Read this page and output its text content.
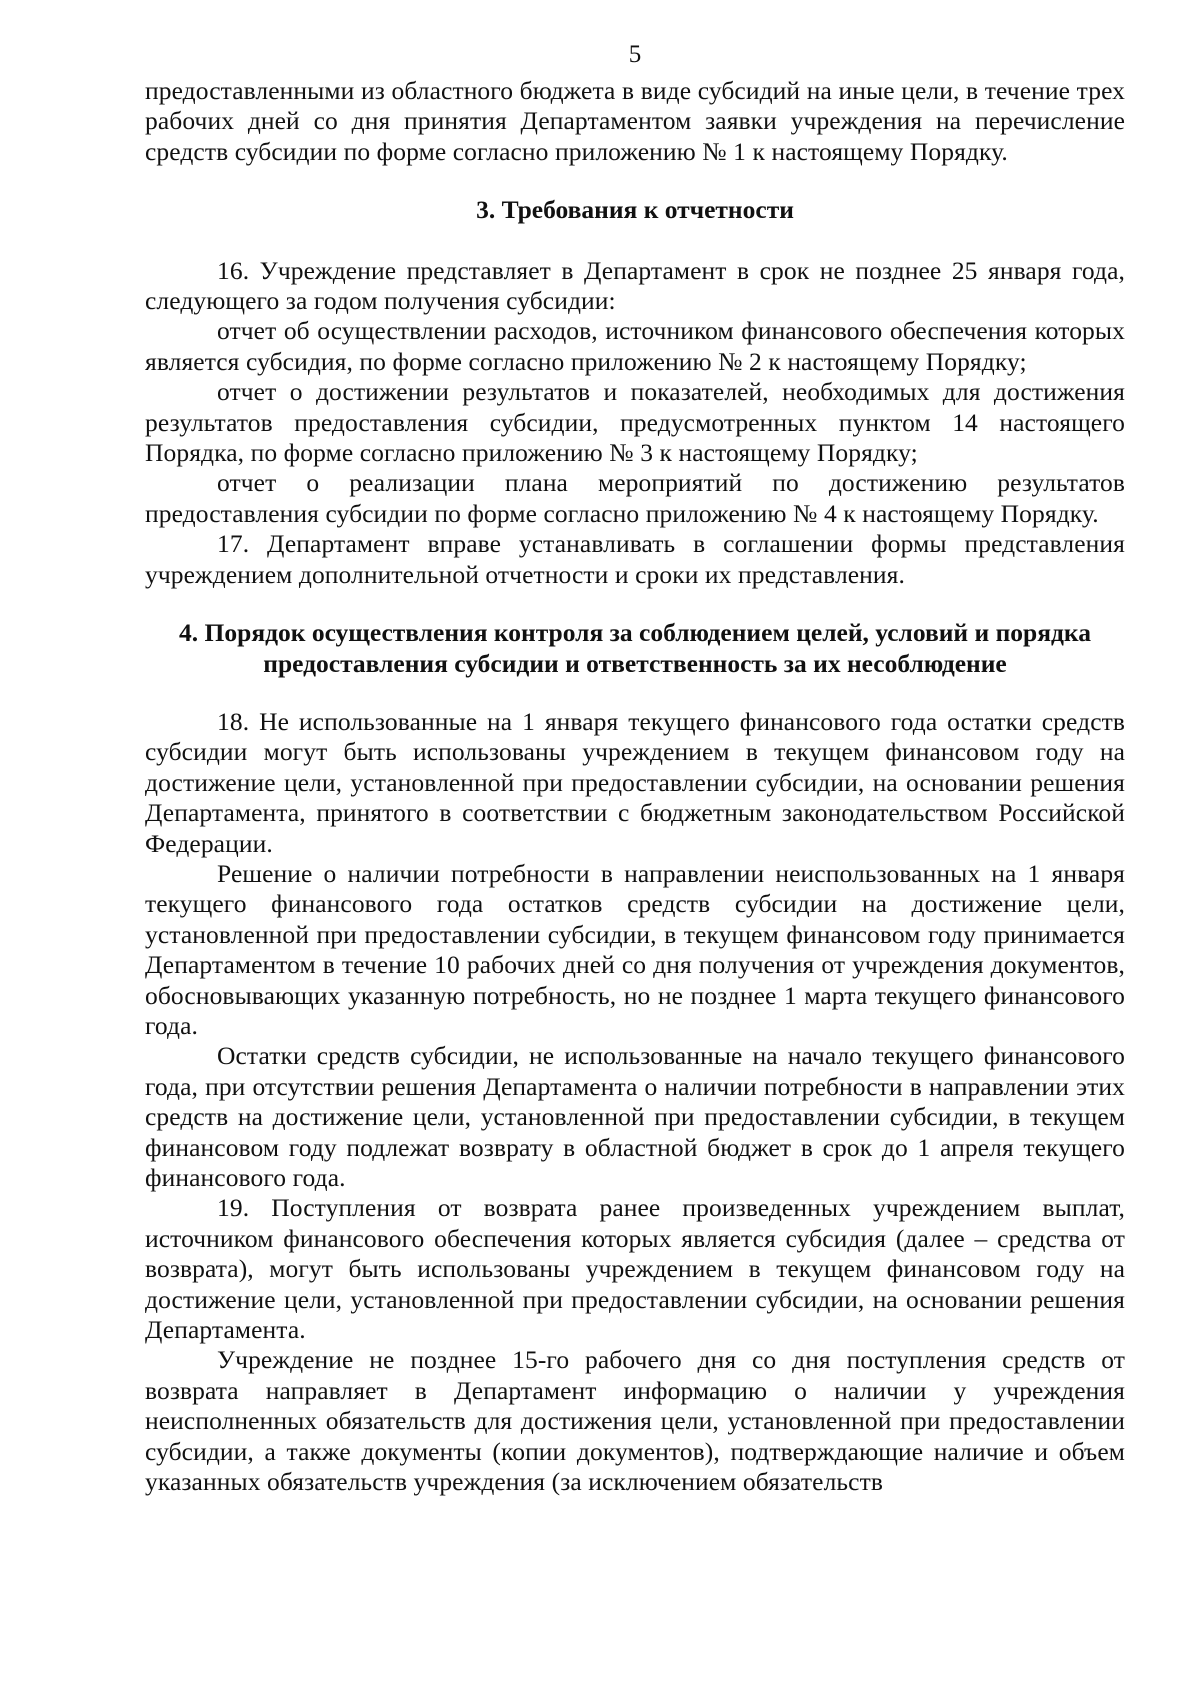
5

предоставленными из областного бюджета в виде субсидий на иные цели, в течение трех рабочих дней со дня принятия Департаментом заявки учреждения на перечисление средств субсидии по форме согласно приложению № 1 к настоящему Порядку.

3. Требования к отчетности

16. Учреждение представляет в Департамент в срок не позднее 25 января года, следующего за годом получения субсидии:

отчет об осуществлении расходов, источником финансового обеспечения которых является субсидия, по форме согласно приложению № 2 к настоящему Порядку;

отчет о достижении результатов и показателей, необходимых для достижения результатов предоставления субсидии, предусмотренных пунктом 14 настоящего Порядка, по форме согласно приложению № 3 к настоящему Порядку;

отчет о реализации плана мероприятий по достижению результатов предоставления субсидии по форме согласно приложению № 4 к настоящему Порядку.

17. Департамент вправе устанавливать в соглашении формы представления учреждением дополнительной отчетности и сроки их представления.

4. Порядок осуществления контроля за соблюдением целей, условий и порядка
предоставления субсидии и ответственность за их несоблюдение

18. Не использованные на 1 января текущего финансового года остатки средств субсидии могут быть использованы учреждением в текущем финансовом году на достижение цели, установленной при предоставлении субсидии, на основании решения Департамента, принятого в соответствии с бюджетным законодательством Российской Федерации.

Решение о наличии потребности в направлении неиспользованных на 1 января текущего финансового года остатков средств субсидии на достижение цели, установленной при предоставлении субсидии, в текущем финансовом году принимается Департаментом в течение 10 рабочих дней со дня получения от учреждения документов, обосновывающих указанную потребность, но не позднее 1 марта текущего финансового года.

Остатки средств субсидии, не использованные на начало текущего финансового года, при отсутствии решения Департамента о наличии потребности в направлении этих средств на достижение цели, установленной при предоставлении субсидии, в текущем финансовом году подлежат возврату в областной бюджет в срок до 1 апреля текущего финансового года.

19. Поступления от возврата ранее произведенных учреждением выплат, источником финансового обеспечения которых является субсидия (далее – средства от возврата), могут быть использованы учреждением в текущем финансовом году на достижение цели, установленной при предоставлении субсидии, на основании решения Департамента.

Учреждение не позднее 15-го рабочего дня со дня поступления средств от возврата направляет в Департамент информацию о наличии у учреждения неисполненных обязательств для достижения цели, установленной при предоставлении субсидии, а также документы (копии документов), подтверждающие наличие и объем указанных обязательств учреждения (за исключением обязательств
